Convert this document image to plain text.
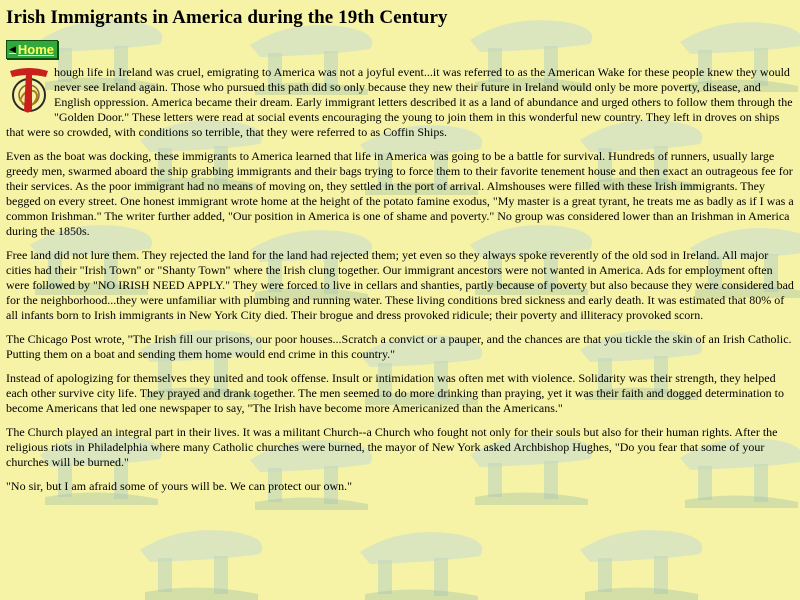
Irish Immigrants in America during the 19th Century
◀ Home

hough life in Ireland was cruel, emigrating to America was not a joyful event...it was referred to as the American Wake for these people knew they would never see Ireland again. Those who pursued this path did so only because they new their future in Ireland would only be more poverty, disease, and English oppression. America became their dream. Early immigrant letters described it as a land of abundance and urged others to follow them through the "Golden Door." These letters were read at social events encouraging the young to join them in this wonderful new country. They left in droves on ships that were so crowded, with conditions so terrible, that they were referred to as Coffin Ships.

Even as the boat was docking, these immigrants to America learned that life in America was going to be a battle for survival. Hundreds of runners, usually large greedy men, swarmed aboard the ship grabbing immigrants and their bags trying to force them to their favorite tenement house and then exact an outrageous fee for their services. As the poor immigrant had no means of moving on, they settled in the port of arrival. Almshouses were filled with these Irish immigrants. They begged on every street. One honest immigrant wrote home at the height of the potato famine exodus, "My master is a great tyrant, he treats me as badly as if I was a common Irishman." The writer further added, "Our position in America is one of shame and poverty." No group was considered lower than an Irishman in America during the 1850s.

Free land did not lure them. They rejected the land for the land had rejected them; yet even so they always spoke reverently of the old sod in Ireland. All major cities had their "Irish Town" or "Shanty Town" where the Irish clung together. Our immigrant ancestors were not wanted in America. Ads for employment often were followed by "NO IRISH NEED APPLY." They were forced to live in cellars and shanties, partly because of poverty but also because they were considered bad for the neighborhood...they were unfamiliar with plumbing and running water. These living conditions bred sickness and early death. It was estimated that 80% of all infants born to Irish immigrants in New York City died. Their brogue and dress provoked ridicule; their poverty and illiteracy provoked scorn.

The Chicago Post wrote, "The Irish fill our prisons, our poor houses...Scratch a convict or a pauper, and the chances are that you tickle the skin of an Irish Catholic. Putting them on a boat and sending them home would end crime in this country."

Instead of apologizing for themselves they united and took offense. Insult or intimidation was often met with violence. Solidarity was their strength, they helped each other survive city life. They prayed and drank together. The men seemed to do more drinking than praying, yet it was their faith and dogged determination to become Americans that led one newspaper to say, "The Irish have become more Americanized than the Americans."

The Church played an integral part in their lives. It was a militant Church--a Church who fought not only for their souls but also for their human rights. After the religious riots in Philadelphia where many Catholic churches were burned, the mayor of New York asked Archbishop Hughes, "Do you fear that some of your churches will be burned."

"No sir, but I am afraid some of yours will be. We can protect our own."
